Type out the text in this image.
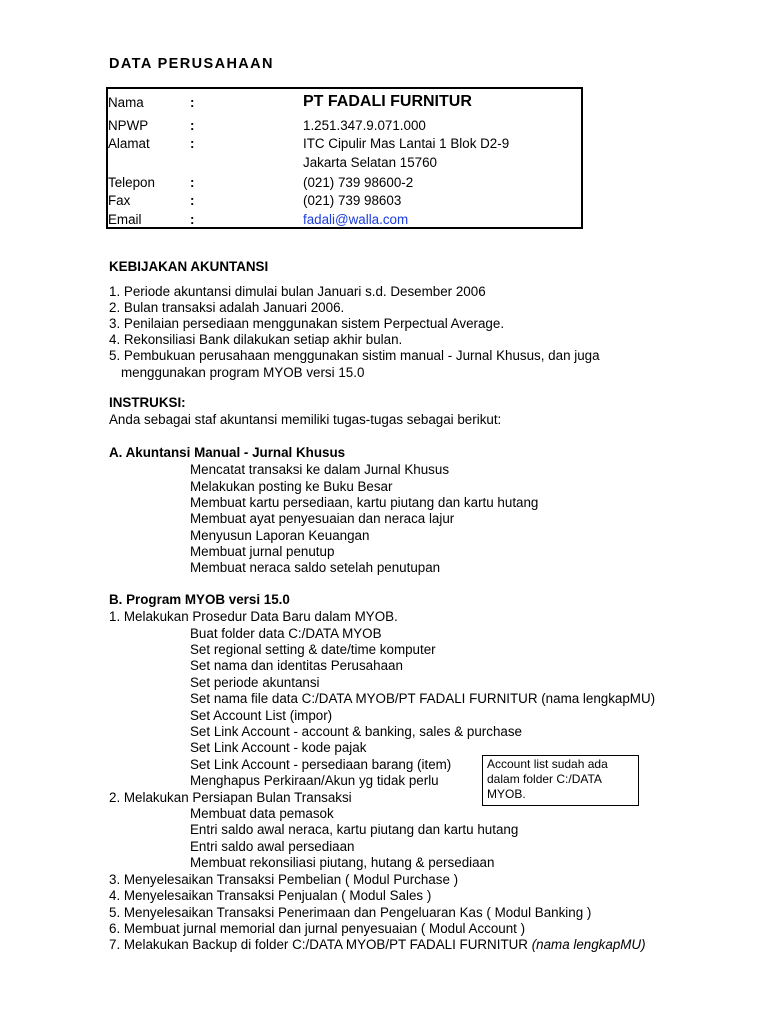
DATA PERUSAHAAN
Nama	:	PT FADALI FURNITUR
NPWP	:	1.251.347.9.071.000
Alamat	:	ITC Cipulir Mas Lantai 1 Blok D2-9
Jakarta Selatan 15760
Telepon	:	(021) 739 98600-2
Fax	:	(021) 739 98603
Email	:	fadali@walla.com
KEBIJAKAN AKUNTANSI
1. Periode akuntansi dimulai bulan Januari s.d. Desember 2006
2. Bulan transaksi adalah Januari 2006.
3. Penilaian persediaan menggunakan sistem Perpectual Average.
4. Rekonsiliasi Bank dilakukan setiap akhir bulan.
5. Pembukuan perusahaan menggunakan sistim manual - Jurnal Khusus, dan juga
menggunakan program MYOB versi 15.0
INSTRUKSI:
Anda sebagai staf akuntansi memiliki tugas-tugas sebagai berikut:
A. Akuntansi Manual - Jurnal Khusus
Mencatat transaksi ke dalam Jurnal Khusus
Melakukan posting ke Buku Besar
Membuat kartu persediaan, kartu piutang dan kartu hutang
Membuat ayat penyesuaian dan neraca lajur
Menyusun Laporan Keuangan
Membuat jurnal penutup
Membuat neraca saldo setelah penutupan
B. Program MYOB versi 15.0
1. Melakukan Prosedur Data Baru dalam MYOB.
Buat folder data C:/DATA MYOB
Set regional setting & date/time komputer
Set nama dan identitas Perusahaan
Set periode akuntansi
Set nama file data C:/DATA MYOB/PT FADALI FURNITUR (nama lengkapMU)
Set Account List (impor)
Set Link Account - account & banking, sales & purchase
Set Link Account - kode pajak
Set Link Account - persediaan barang (item)
Menghapus Perkiraan/Akun yg tidak perlu
Account list sudah ada
dalam folder C:/DATA
MYOB.
2. Melakukan Persiapan Bulan Transaksi
Membuat data pemasok
Entri saldo awal neraca, kartu piutang dan kartu hutang
Entri saldo awal persediaan
Membuat rekonsiliasi piutang, hutang & persediaan
3. Menyelesaikan Transaksi Pembelian ( Modul Purchase )
4. Menyelesaikan Transaksi Penjualan ( Modul Sales )
5. Menyelesaikan Transaksi Penerimaan dan Pengeluaran Kas ( Modul Banking )
6. Membuat jurnal memorial dan jurnal penyesuaian ( Modul Account )
7. Melakukan Backup di folder C:/DATA MYOB/PT FADALI FURNITUR (nama lengkapMU)
